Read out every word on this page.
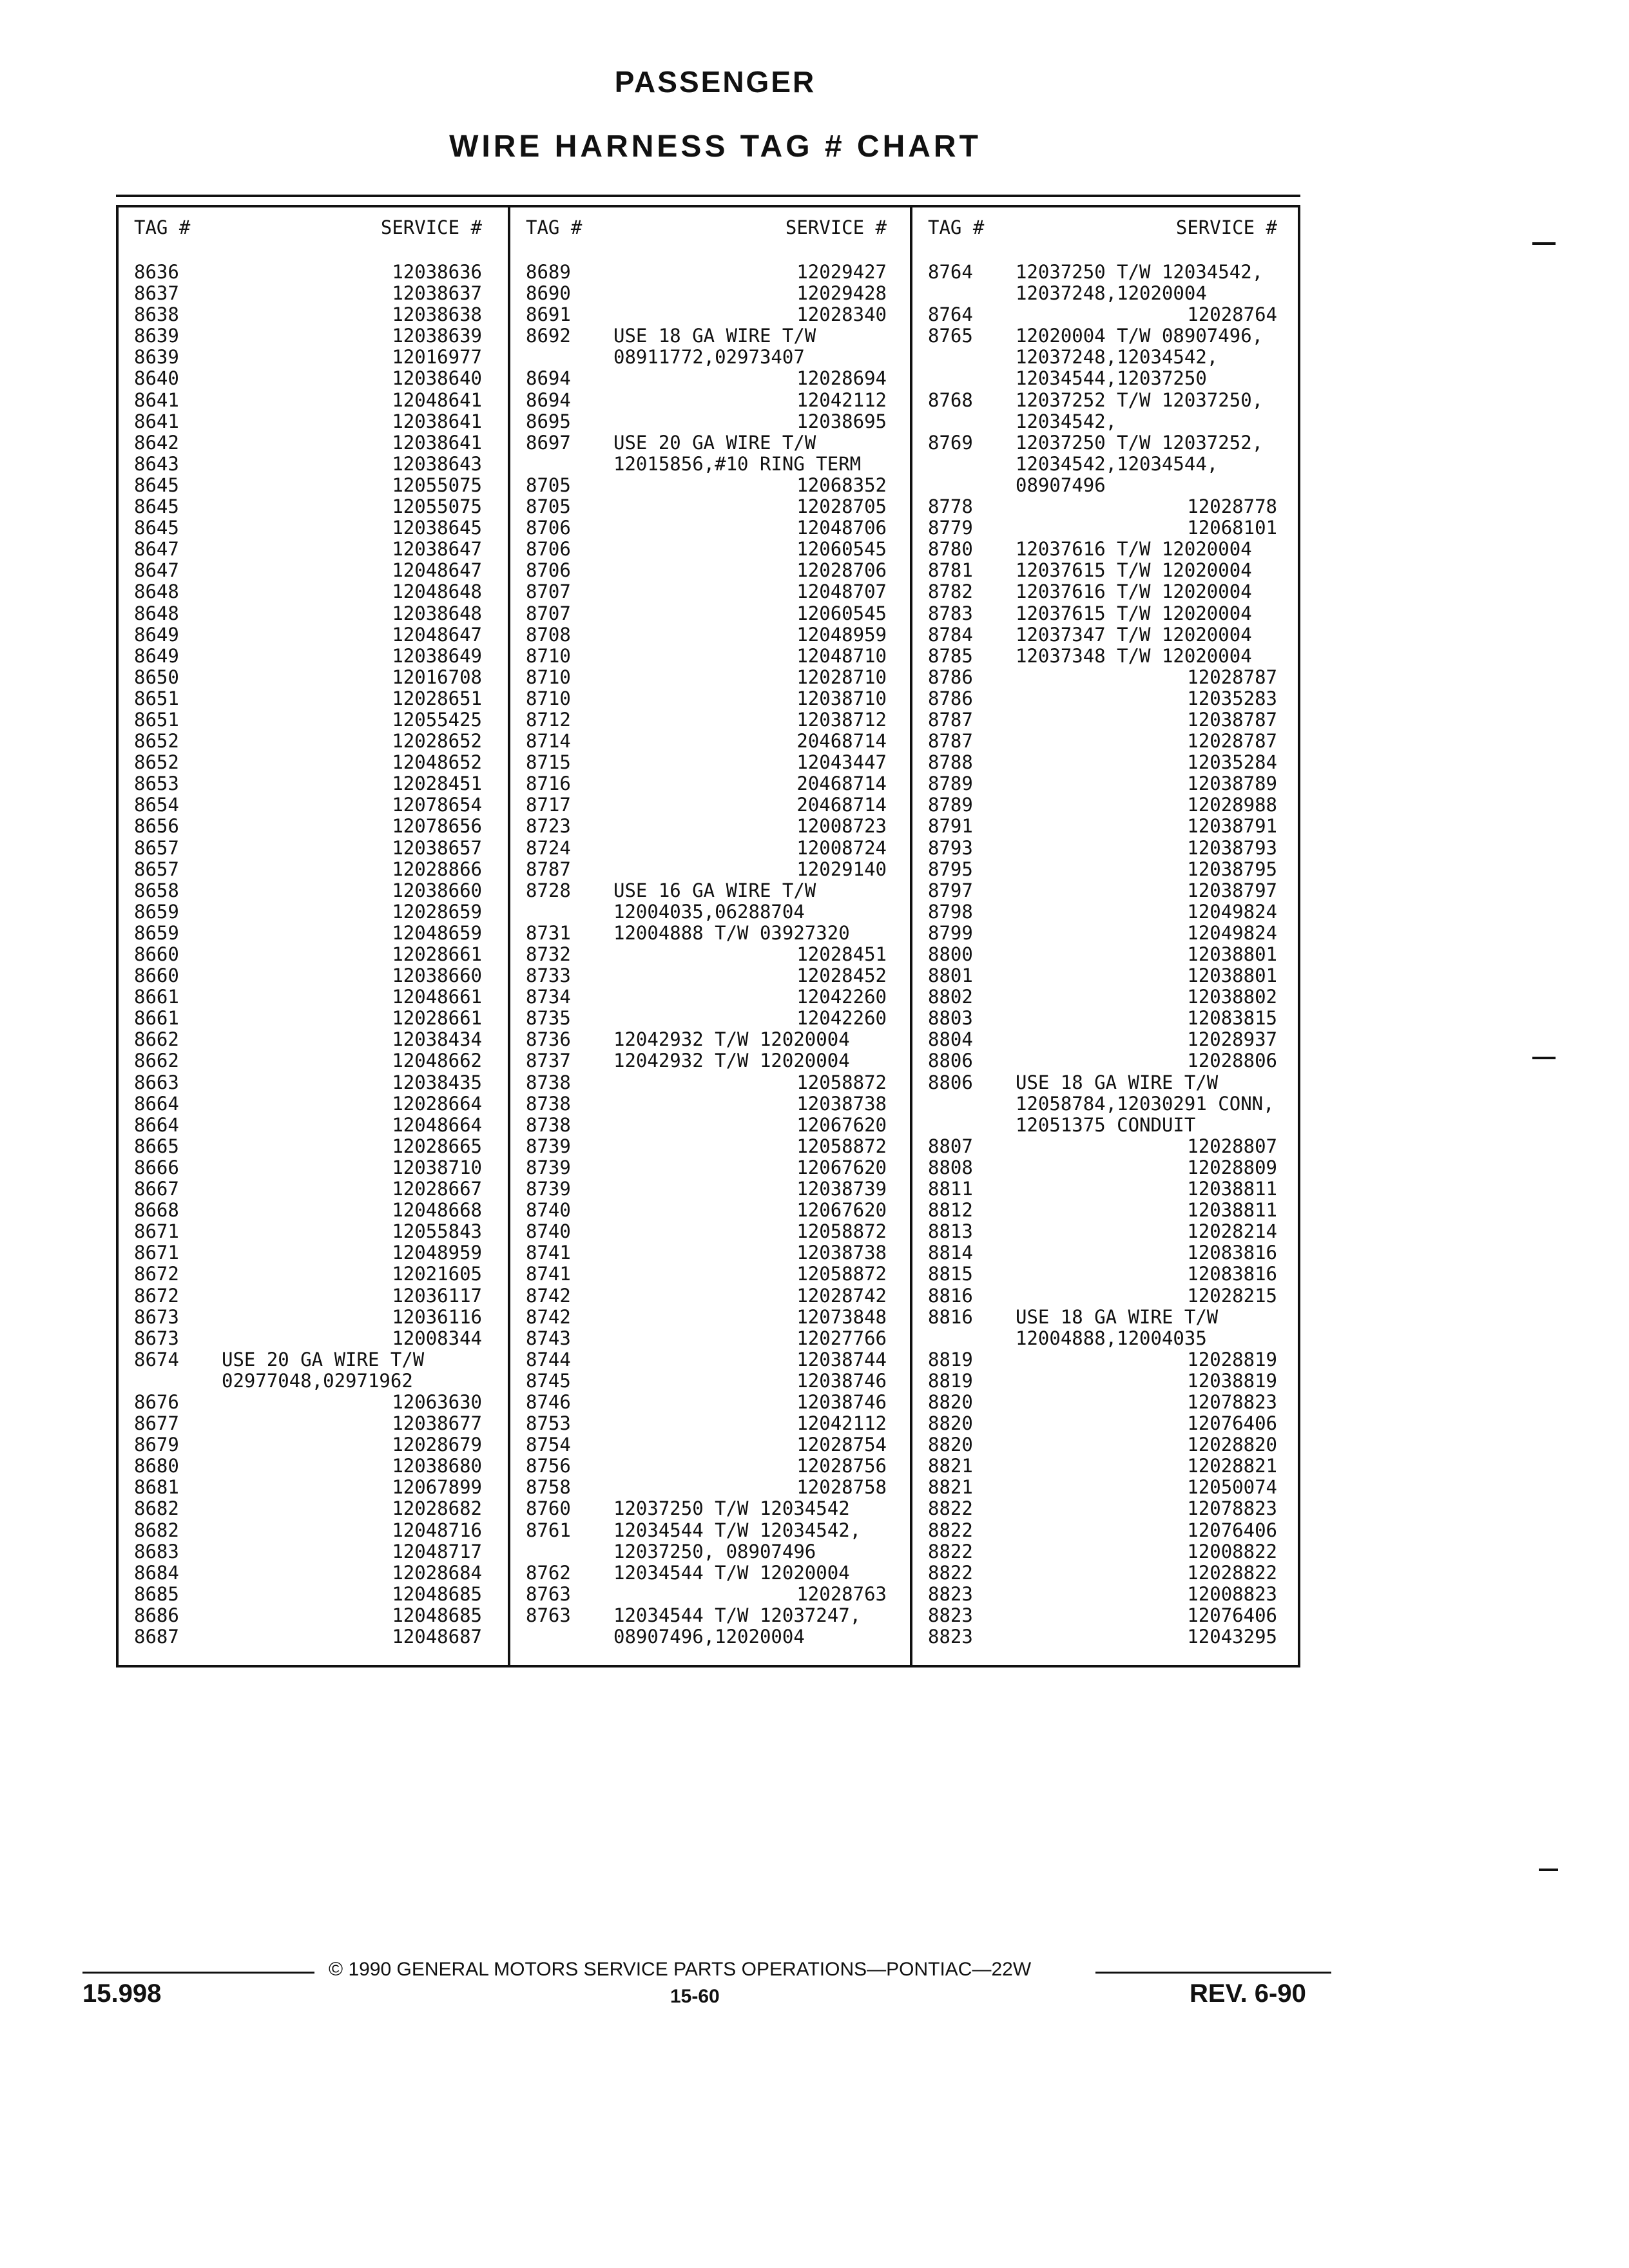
PASSENGER
WIRE HARNESS TAG # CHART
TAG #	SERVICE #
8636	12038636
8637	12038637
8638	12038638
8639	12038639
8639	12016977
8640	12038640
8641	12048641
8641	12038641
8642	12038641
8643	12038643
8645	12055075
8645	12055075
8645	12038645
8647	12038647
8647	12048647
8648	12048648
8648	12038648
8649	12048647
8649	12038649
8650	12016708
8651	12028651
8651	12055425
8652	12028652
8652	12048652
8653	12028451
8654	12078654
8656	12078656
8657	12038657
8657	12028866
8658	12038660
8659	12028659
8659	12048659
8660	12028661
8660	12038660
8661	12048661
8661	12028661
8662	12038434
8662	12048662
8663	12038435
8664	12028664
8664	12048664
8665	12028665
8666	12038710
8667	12028667
8668	12048668
8671	12055843
8671	12048959
8672	12021605
8672	12036117
8673	12036116
8673	12008344
8674 USE 20 GA WIRE T/W
02977048,02971962
8676	12063630
8677	12038677
8679	12028679
8680	12038680
8681	12067899
8682	12028682
8682	12048716
8683	12048717
8684	12028684
8685	12048685
8686	12048685
8687	12048687
TAG #	SERVICE #
8689	12029427
8690	12029428
8691	12028340
8692 USE 18 GA WIRE T/W
08911772,02973407
8694	12028694
8694	12042112
8695	12038695
8697 USE 20 GA WIRE T/W
12015856,#10 RING TERM
8705	12068352
8705	12028705
8706	12048706
8706	12060545
8706	12028706
8707	12048707
8707	12060545
8708	12048959
8710	12048710
8710	12028710
8710	12038710
8712	12038712
8714	20468714
8715	12043447
8716	20468714
8717	20468714
8723	12008723
8724	12008724
8787	12029140
8728 USE 16 GA WIRE T/W
12004035,06288704
8731 12004888 T/W 03927320
8732	12028451
8733	12028452
8734	12042260
8735	12042260
8736 12042932 T/W 12020004
8737 12042932 T/W 12020004
8738	12058872
8738	12038738
8738	12067620
8739	12058872
8739	12067620
8739	12038739
8740	12067620
8740	12058872
8741	12038738
8741	12058872
8742	12028742
8742	12073848
8743	12027766
8744	12038744
8745	12038746
8746	12038746
8753	12042112
8754	12028754
8756	12028756
8758	12028758
8760 12037250 T/W 12034542
8761 12034544 T/W 12034542,
12037250, 08907496
8762 12034544 T/W 12020004
8763	12028763
8763 12034544 T/W 12037247,
08907496,12020004
TAG #	SERVICE #
8764 12037250 T/W 12034542,
12037248,12020004
8764	12028764
8765 12020004 T/W 08907496,
12037248,12034542,
12034544,12037250
8768 12037252 T/W 12037250,
12034542,
8769 12037250 T/W 12037252,
12034542,12034544,
08907496
8778	12028778
8779	12068101
8780 12037616 T/W 12020004
8781 12037615 T/W 12020004
8782 12037616 T/W 12020004
8783 12037615 T/W 12020004
8784 12037347 T/W 12020004
8785 12037348 T/W 12020004
8786	12028787
8786	12035283
8787	12038787
8787	12028787
8788	12035284
8789	12038789
8789	12028988
8791	12038791
8793	12038793
8795	12038795
8797	12038797
8798	12049824
8799	12049824
8800	12038801
8801	12038801
8802	12038802
8803	12083815
8804	12028937
8806	12028806
8806 USE 18 GA WIRE T/W
12058784,12030291 CONN,
12051375 CONDUIT
8807	12028807
8808	12028809
8811	12038811
8812	12038811
8813	12028214
8814	12083816
8815	12083816
8816	12028215
8816 USE 18 GA WIRE T/W
12004888,12004035
8819	12028819
8819	12038819
8820	12078823
8820	12076406
8820	12028820
8821	12028821
8821	12050074
8822	12078823
8822	12076406
8822	12008822
8822	12028822
8823	12008823
8823	12076406
8823	12043295
© 1990 GENERAL MOTORS SERVICE PARTS OPERATIONS—PONTIAC—22W
15.998	15-60	REV. 6-90
